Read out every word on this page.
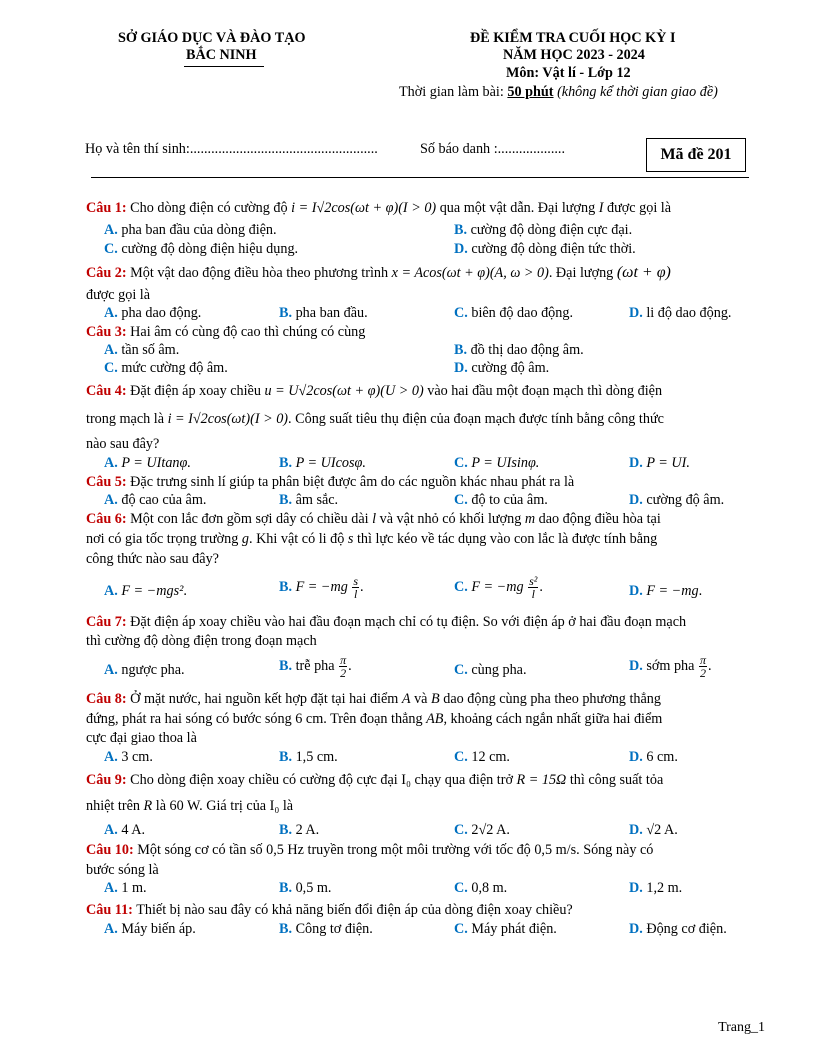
SỞ GIÁO DỤC VÀ ĐÀO TẠO
BẮC NINH
ĐỀ KIỂM TRA CUỐI HỌC KỲ I
NĂM HỌC 2023 - 2024
Môn: Vật lí - Lớp 12
Thời gian làm bài: 50 phút (không kể thời gian giao đề)
Họ và tên thí sinh:.....................................................	Số báo danh :...................	Mã đề 201
Câu 1: Cho dòng điện có cường độ i = I√2cos(ωt + φ)(I > 0) qua một vật dẫn. Đại lượng I được gọi là
A. pha ban đầu của dòng điện.	B. cường độ dòng điện cực đại.
C. cường độ dòng điện hiệu dụng.	D. cường độ dòng điện tức thời.
Câu 2: Một vật dao động điều hòa theo phương trình x = Acos(ωt + φ)(A, ω > 0). Đại lượng (ωt + φ)
được gọi là
A. pha dao động.	B. pha ban đầu.	C. biên độ dao động.	D. li độ dao động.
Câu 3: Hai âm có cùng độ cao thì chúng có cùng
A. tần số âm.	B. đồ thị dao động âm.
C. mức cường độ âm.	D. cường độ âm.
Câu 4: Đặt điện áp xoay chiều u = U√2cos(ωt + φ)(U > 0) vào hai đầu một đoạn mạch thì dòng điện
trong mạch là i = I√2cos(ωt)(I > 0). Công suất tiêu thụ điện của đoạn mạch được tính bằng công thức
nào sau đây?
A. P = UItanφ.	B. P = UIcosφ.	C. P = UIsinφ.	D. P = UI.
Câu 5: Đặc trưng sinh lí giúp ta phân biệt được âm do các nguồn khác nhau phát ra là
A. độ cao của âm.	B. âm sắc.	C. độ to của âm.	D. cường độ âm.
Câu 6: Một con lắc đơn gồm sợi dây có chiều dài l và vật nhỏ có khối lượng m dao động điều hòa tại
nơi có gia tốc trọng trường g. Khi vật có li độ s thì lực kéo về tác dụng vào con lắc là được tính bằng
công thức nào sau đây?
A. F = −mgs².	B. $F = -mg \frac{s}{l}$ .	C. $F = -mg \frac{\text{s²}}{l}$ .	D. F = −mg.
Câu 7: Đặt điện áp xoay chiều vào hai đầu đoạn mạch chỉ có tụ điện. So với điện áp ở hai đầu đoạn mạch
thì cường độ dòng điện trong đoạn mạch
A. ngược pha.	B. trễ pha $\frac{\pi}{2}$ .	C. cùng pha.	D. sớm pha $\frac{\pi}{2}$ .
Câu 8: Ở mặt nước, hai nguồn kết hợp đặt tại hai điểm A và B dao động cùng pha theo phương thẳng
đứng, phát ra hai sóng có bước sóng 6 cm. Trên đoạn thẳng AB, khoảng cách ngắn nhất giữa hai điểm
cực đại giao thoa là
A. 3 cm.	B. 1,5 cm.	C. 12 cm.	D. 6 cm.
Câu 9: Cho dòng điện xoay chiều có cường độ cực đại I₀ chạy qua điện trở R = 15Ω thì công suất tỏa
nhiệt trên R là 60 W. Giá trị của I₀ là
A. 4 A.	B. 2 A.	C. 2√2 A.	D. √2 A.
Câu 10: Một sóng cơ có tần số 0,5 Hz truyền trong một môi trường với tốc độ 0,5 m/s. Sóng này có
bước sóng là
A. 1 m.	B. 0,5 m.	C. 0,8 m.	D. 1,2 m.
Câu 11: Thiết bị nào sau đây có khả năng biến đổi điện áp của dòng điện xoay chiều?
A. Máy biến áp.	B. Công tơ điện.	C. Máy phát điện.	D. Động cơ điện.
Trang_1
